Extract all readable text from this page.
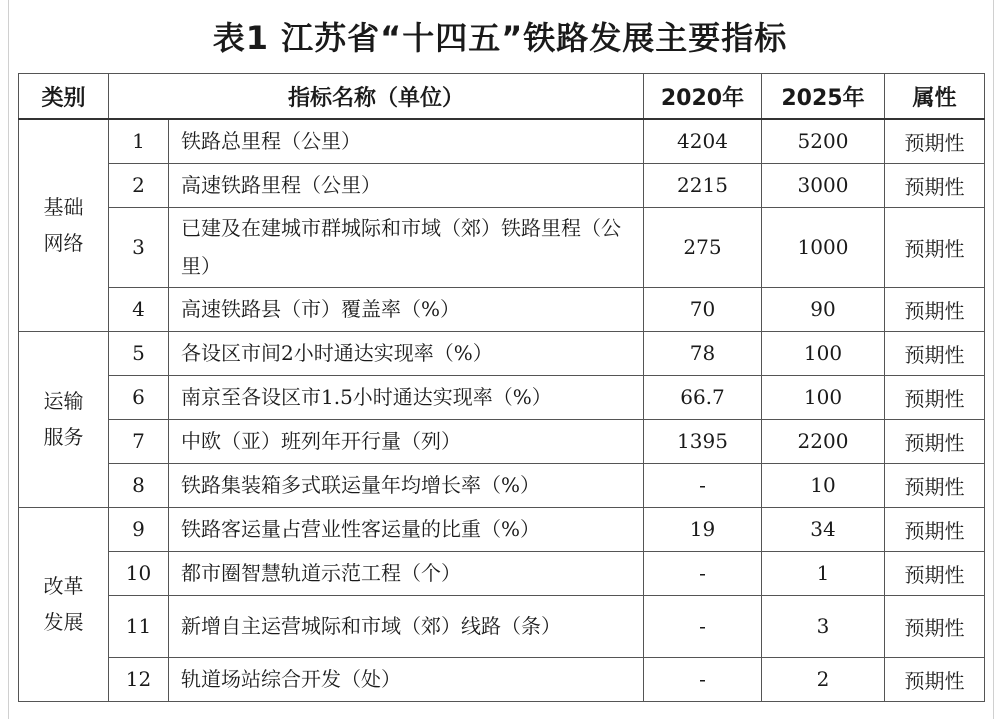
表1 江苏省“十四五”铁路发展主要指标
类别	指标名称（单位）		2020年	2025年	属性

基础
网络	1	铁路总里程（公里）	4204	5200	预期性
	2	高速铁路里程（公里）	2215	3000	预期性
	3	已建及在建城市群城际和市域（郊）铁路里程（公里）	275	1000	预期性
	4	高速铁路县（市）覆盖率（%）	70	90	预期性

运输
服务	5	各设区市间2小时通达实现率（%）	78	100	预期性
	6	南京至各设区市1.5小时通达实现率（%）	66.7	100	预期性
	7	中欧（亚）班列年开行量（列）	1395	2200	预期性
	8	铁路集装箱多式联运量年均增长率（%）	-	10	预期性

改革
发展	9	铁路客运量占营业性客运量的比重（%）	19	34	预期性
	10	都市圈智慧轨道示范工程（个）	-	1	预期性
	11	新增自主运营城际和市域（郊）线路（条）	-	3	预期性
	12	轨道场站综合开发（处）	-	2	预期性
